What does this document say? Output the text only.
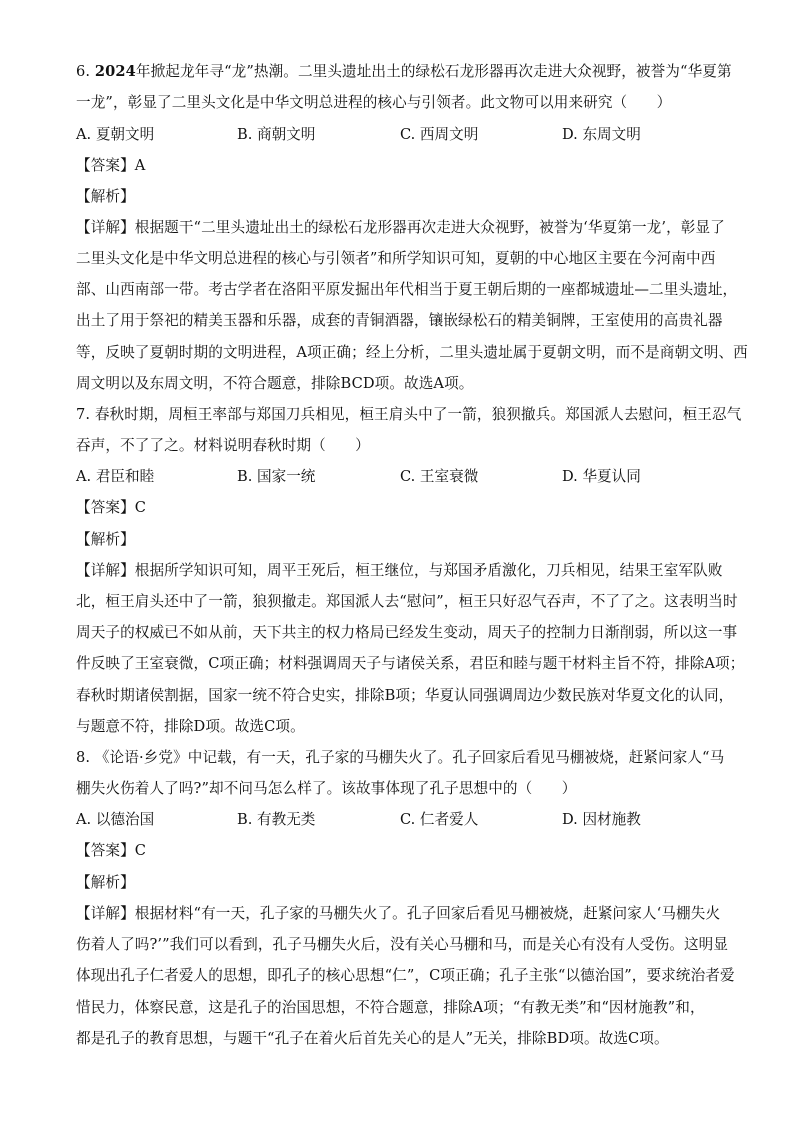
6. 2024年掀起龙年寻“龙”热潮。二里头遗址出土的绿松石龙形器再次走进大众视野，被誉为“华夏第
一龙”，彰显了二里头文化是中华文明总进程的核心与引领者。此文物可以用来研究（　　）
A. 夏朝文明	B. 商朝文明	C. 西周文明	D. 东周文明
【答案】A
【解析】
【详解】根据题干“二里头遗址出土的绿松石龙形器再次走进大众视野，被誉为‘华夏第一龙’，彰显了
二里头文化是中华文明总进程的核心与引领者”和所学知识可知，夏朝的中心地区主要在今河南中西
部、山西南部一带。考古学者在洛阳平原发掘出年代相当于夏王朝后期的一座都城遗址—二里头遗址，
出土了用于祭祀的精美玉器和乐器，成套的青铜酒器，镶嵌绿松石的精美铜牌，王室使用的高贵礼器
等，反映了夏朝时期的文明进程，A项正确；经上分析，二里头遗址属于夏朝文明，而不是商朝文明、西
周文明以及东周文明，不符合题意，排除BCD项。故选A项。
7. 春秋时期，周桓王率部与郑国刀兵相见，桓王肩头中了一箭，狼狈撤兵。郑国派人去慰问，桓王忍气
吞声，不了了之。材料说明春秋时期（　　）
A. 君臣和睦	B. 国家一统	C. 王室衰微	D. 华夏认同
【答案】C
【解析】
【详解】根据所学知识可知，周平王死后，桓王继位，与郑国矛盾激化，刀兵相见，结果王室军队败
北，桓王肩头还中了一箭，狼狈撤走。郑国派人去“慰问”，桓王只好忍气吞声，不了了之。这表明当时
周天子的权威已不如从前，天下共主的权力格局已经发生变动，周天子的控制力日渐削弱，所以这一事
件反映了王室衰微，C项正确；材料强调周天子与诸侯关系，君臣和睦与题干材料主旨不符，排除A项；
春秋时期诸侯割据，国家一统不符合史实，排除B项；华夏认同强调周边少数民族对华夏文化的认同，
与题意不符，排除D项。故选C项。
8. 《论语·乡党》中记载，有一天，孔子家的马棚失火了。孔子回家后看见马棚被烧，赶紧问家人“马
棚失火伤着人了吗?”却不问马怎么样了。该故事体现了孔子思想中的（　　）
A. 以德治国	B. 有教无类	C. 仁者爱人	D. 因材施教
【答案】C
【解析】
【详解】根据材料“有一天，孔子家的马棚失火了。孔子回家后看见马棚被烧，赶紧问家人‘马棚失火
伤着人了吗?’”我们可以看到，孔子马棚失火后，没有关心马棚和马，而是关心有没有人受伤。这明显
体现出孔子仁者爱人的思想，即孔子的核心思想“仁”，C项正确；孔子主张“以德治国”，要求统治者爱
惜民力，体察民意，这是孔子的治国思想，不符合题意，排除A项；“有教无类”和“因材施教”和，
都是孔子的教育思想，与题干“孔子在着火后首先关心的是人”无关，排除BD项。故选C项。
